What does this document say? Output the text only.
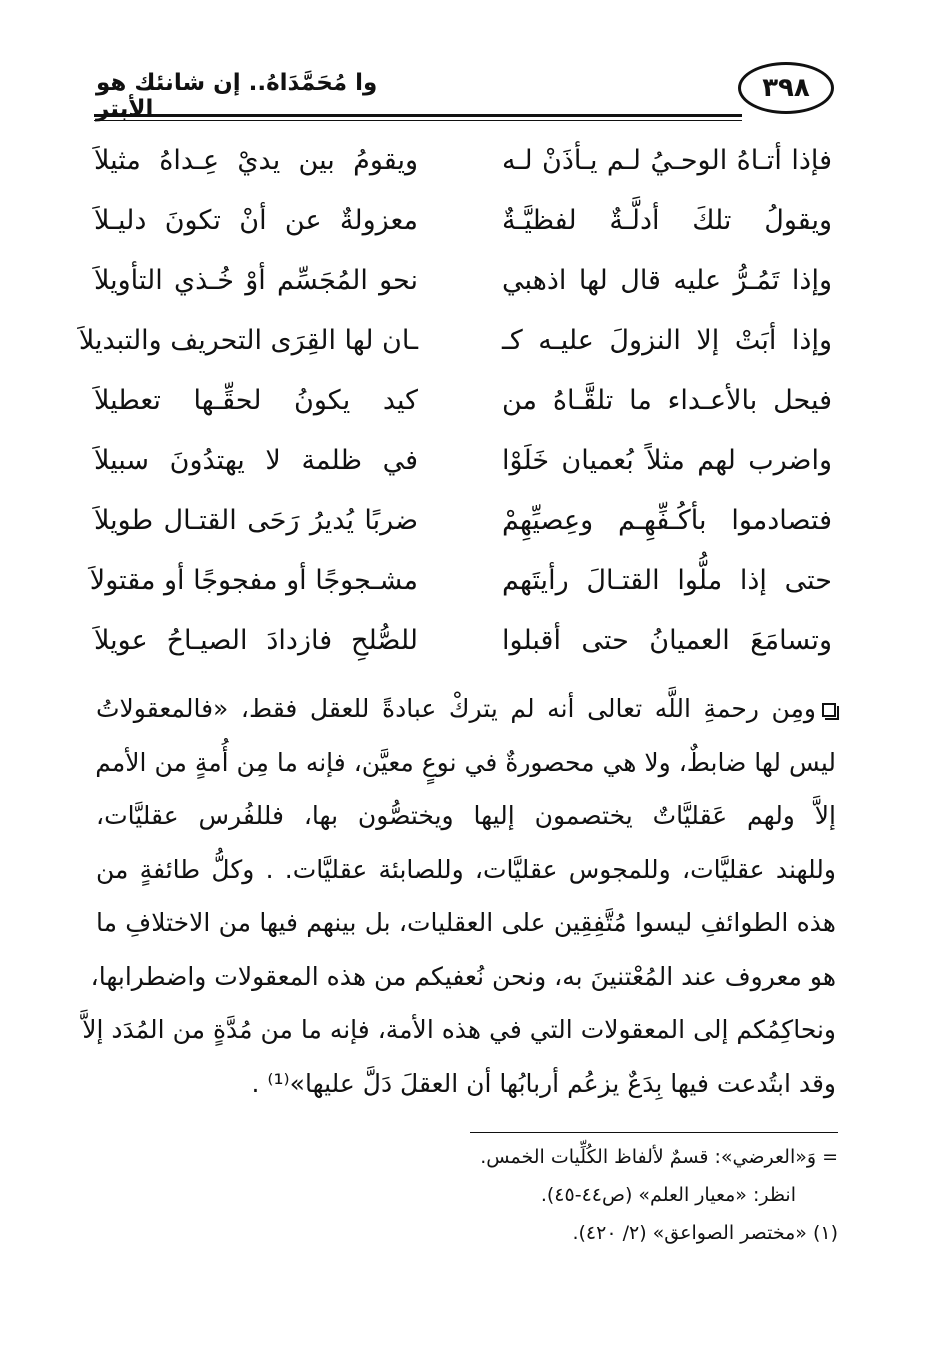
وا مُحَمَّدَاهُ.. إن شانئك هو الأبتر
٣٩٨
فإذا أتـاهُ الوحـيُ لـم يـأذَنْ لـه
ويقومُ بين يديْ عِـداهُ مثيلاَ
ويقولُ تلكَ أدلَّـةٌ لفظيَّـةٌ
معزولةٌ عن أنْ تكونَ دليـلاَ
وإذا تَمُـرُّ عليه قال لها اذهبي
نحو المُجَسِّم أوْ خُـذي التأويلاَ
وإذا أبَتْ إلا النزولَ عليـه كـ
ـان لها القِرَى التحريف والتبديلاَ
فيحل بالأعـداء ما تلقَّـاهُ من
كيد يكونُ لحقِّـها تعطيلاَ
واضرب لهم مثلاً بُعميان خَلَوْا
في ظلمة لا يهتدُونَ سبيلاَ
فتصادموا بأكُـفِّهِـم وعِصيِّهِمْ
ضربًا يُديرُ رَحَى القتـال طويلاَ
حتى إذا ملُّوا القتـالَ رأيتَهم
مشـجوجًا أو مفجوجًا أو مقتولاَ
وتسامَعَ العميانُ حتى أقبلوا
للصُّلحِ فازدادَ الصيـاحُ عويلاَ
ومِن رحمةِ اللَّه تعالى أنه لم يتركْ عبادةً للعقل فقط، «فالمعقولاتُ
ليس لها ضابطٌ، ولا هي محصورةٌ في نوعٍ معيَّن، فإنه ما مِن أُمةٍ من الأمم
إلاَّ ولهم عَقليَّاتٌ يختصمون إليها ويختصُّون بها، فللفُرس عقليَّات،
وللهند عقليَّات، وللمجوس عقليَّات، وللصابئة عقليَّات. . وكلُّ طائفةٍ من
هذه الطوائفِ ليسوا مُتَّفِقِين على العقليات، بل بينهم فيها من الاختلافِ ما
هو معروف عند المُعْتنينَ به، ونحن نُعفيكم من هذه المعقولات واضطرابها،
ونحاكِمُكم إلى المعقولات التي في هذه الأمة، فإنه ما من مُدَّةٍ من المُدَد إلاَّ
وقد ابتُدعت فيها بِدَعٌ يزعُم أربابُها أن العقلَ دَلَّ عليها»⁽¹⁾ .
= وَ«العرضي»: قسمٌ لألفاظ الكُلِّيات الخمس.
انظر: «معيار العلم» (ص٤٤-٤٥).
(١) «مختصر الصواعق» (٢/ ٤٢٠).
